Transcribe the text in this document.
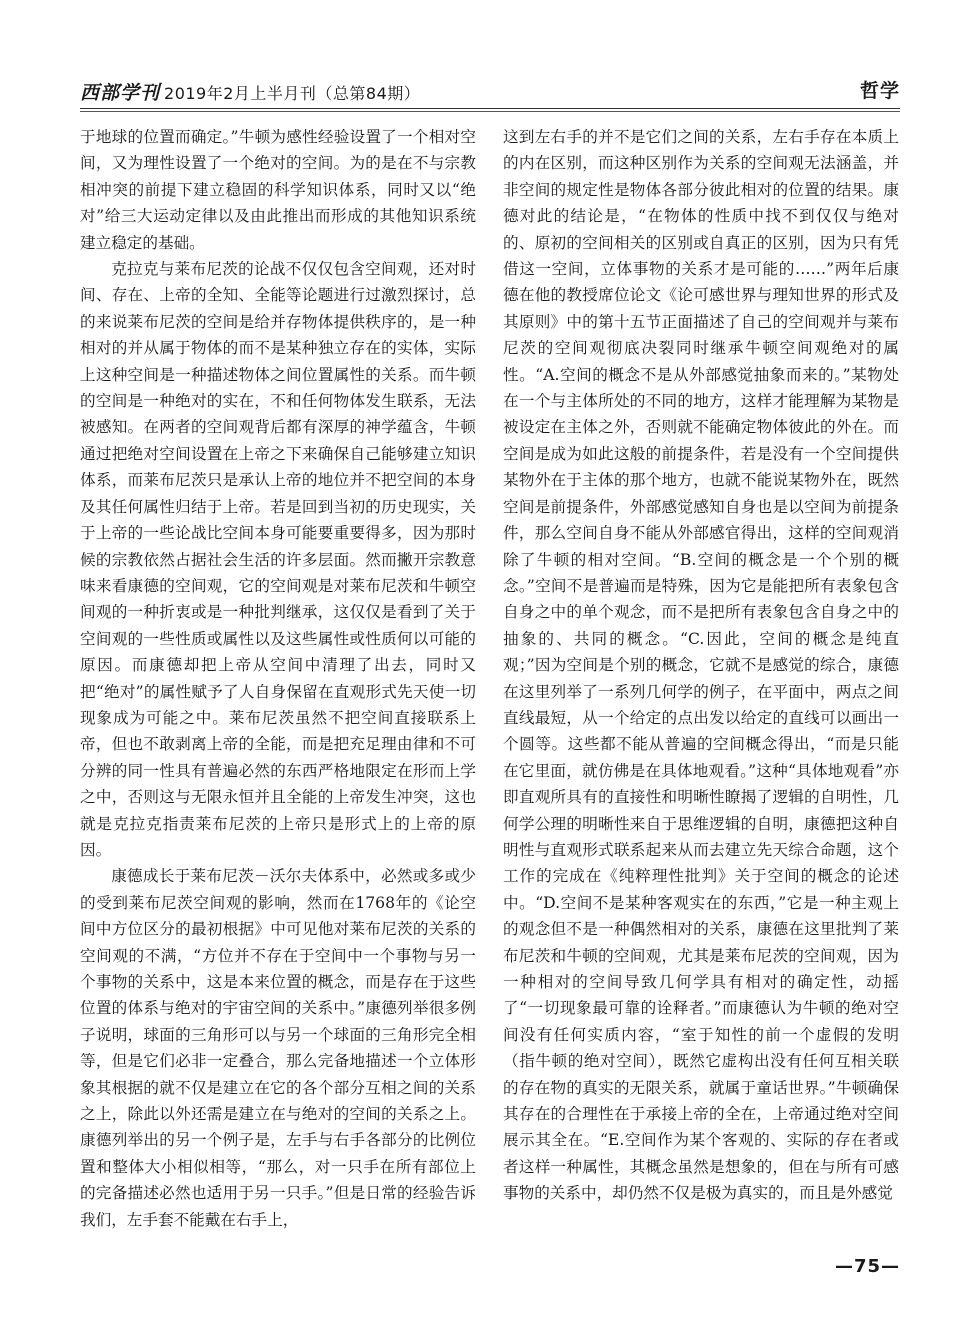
西部学刊 2019年2月上半月刊（总第84期）	哲学

于地球的位置而确定。”牛顿为感性经验设置了一个相对空间，又为理性设置了一个绝对的空间。为的是在不与宗教相冲突的前提下建立稳固的科学知识体系，同时又以“绝对”给三大运动定律以及由此推出而形成的其他知识系统建立稳定的基础。

克拉克与莱布尼茨的论战不仅仅包含空间观，还对时间、存在、上帝的全知、全能等论题进行过激烈探讨，总的来说莱布尼茨的空间是给并存物体提供秩序的，是一种相对的并从属于物体的而不是某种独立存在的实体，实际上这种空间是一种描述物体之间位置属性的关系。而牛顿的空间是一种绝对的实在，不和任何物体发生联系，无法被感知。在两者的空间观背后都有深厚的神学蕴含，牛顿通过把绝对空间设置在上帝之下来确保自己能够建立知识体系，而莱布尼茨只是承认上帝的地位并不把空间的本身及其任何属性归结于上帝。若是回到当初的历史现实，关于上帝的一些论战比空间本身可能要重要得多，因为那时候的宗教依然占据社会生活的许多层面。然而撇开宗教意味来看康德的空间观，它的空间观是对莱布尼茨和牛顿空间观的一种折衷或是一种批判继承，这仅仅是看到了关于空间观的一些性质或属性以及这些属性或性质何以可能的原因。而康德却把上帝从空间中清理了出去，同时又把“绝对”的属性赋予了人自身保留在直观形式先天使一切现象成为可能之中。莱布尼茨虽然不把空间直接联系上帝，但也不敢剥离上帝的全能，而是把充足理由律和不可分辨的同一性具有普遍必然的东西严格地限定在形而上学之中，否则这与无限永恒并且全能的上帝发生冲突，这也就是克拉克指责莱布尼茨的上帝只是形式上的上帝的原因。

康德成长于莱布尼茨－沃尔夫体系中，必然或多或少的受到莱布尼茨空间观的影响，然而在1768年的《论空间中方位区分的最初根据》中可见他对莱布尼茨的关系的空间观的不满，“方位并不存在于空间中一个事物与另一个事物的关系中，这是本来位置的概念，而是存在于这些位置的体系与绝对的宇宙空间的关系中。”康德列举很多例子说明，球面的三角形可以与另一个球面的三角形完全相等，但是它们必非一定叠合，那么完备地描述一个立体形象其根据的就不仅是建立在它的各个部分互相之间的关系之上，除此以外还需是建立在与绝对的空间的关系之上。康德列举出的另一个例子是，左手与右手各部分的比例位置和整体大小相似相等，“那么，对一只手在所有部位上的完备描述必然也适用于另一只手。”但是日常的经验告诉我们，左手套不能戴在右手上，

这到左右手的并不是它们之间的关系，左右手存在本质上的内在区别，而这种区别作为关系的空间观无法涵盖，并非空间的规定性是物体各部分彼此相对的位置的结果。康德对此的结论是，“在物体的性质中找不到仅仅与绝对的、原初的空间相关的区别或自真正的区别，因为只有凭借这一空间，立体事物的关系才是可能的……”两年后康德在他的教授席位论文《论可感世界与理知世界的形式及其原则》中的第十五节正面描述了自己的空间观并与莱布尼茨的空间观彻底决裂同时继承牛顿空间观绝对的属性。“A.空间的概念不是从外部感觉抽象而来的。”某物处在一个与主体所处的不同的地方，这样才能理解为某物是被设定在主体之外，否则就不能确定物体彼此的外在。而空间是成为如此这般的前提条件，若是没有一个空间提供某物外在于主体的那个地方，也就不能说某物外在，既然空间是前提条件，外部感觉感知自身也是以空间为前提条件，那么空间自身不能从外部感官得出，这样的空间观消除了牛顿的相对空间。“B.空间的概念是一个个别的概念。”空间不是普遍而是特殊，因为它是能把所有表象包含自身之中的单个观念，而不是把所有表象包含自身之中的抽象的、共同的概念。“C.因此，空间的概念是纯直观；”因为空间是个别的概念，它就不是感觉的综合，康德在这里列举了一系列几何学的例子，在平面中，两点之间直线最短，从一个给定的点出发以给定的直线可以画出一个圆等。这些都不能从普遍的空间概念得出，“而是只能在它里面，就仿佛是在具体地观看。”这种“具体地观看”亦即直观所具有的直接性和明晰性瞭揭了逻辑的自明性，几何学公理的明晰性来自于思维逻辑的自明，康德把这种自明性与直观形式联系起来从而去建立先天综合命题，这个工作的完成在《纯粹理性批判》关于空间的概念的论述中。“D.空间不是某种客观实在的东西，”它是一种主观上的观念但不是一种偶然相对的关系，康德在这里批判了莱布尼茨和牛顿的空间观，尤其是莱布尼茨的空间观，因为一种相对的空间导致几何学具有相对的确定性，动摇了“一切现象最可靠的诠释者。”而康德认为牛顿的绝对空间没有任何实质内容，“室于知性的前一个虚假的发明（指牛顿的绝对空间），既然它虚构出没有任何互相关联的存在物的真实的无限关系，就属于童话世界。”牛顿确保其存在的合理性在于承接上帝的全在，上帝通过绝对空间展示其全在。“E.空间作为某个客观的、实际的存在者或者这样一种属性，其概念虽然是想象的，但在与所有可感事物的关系中，却仍然不仅是极为真实的，而且是外感觉

—75—
